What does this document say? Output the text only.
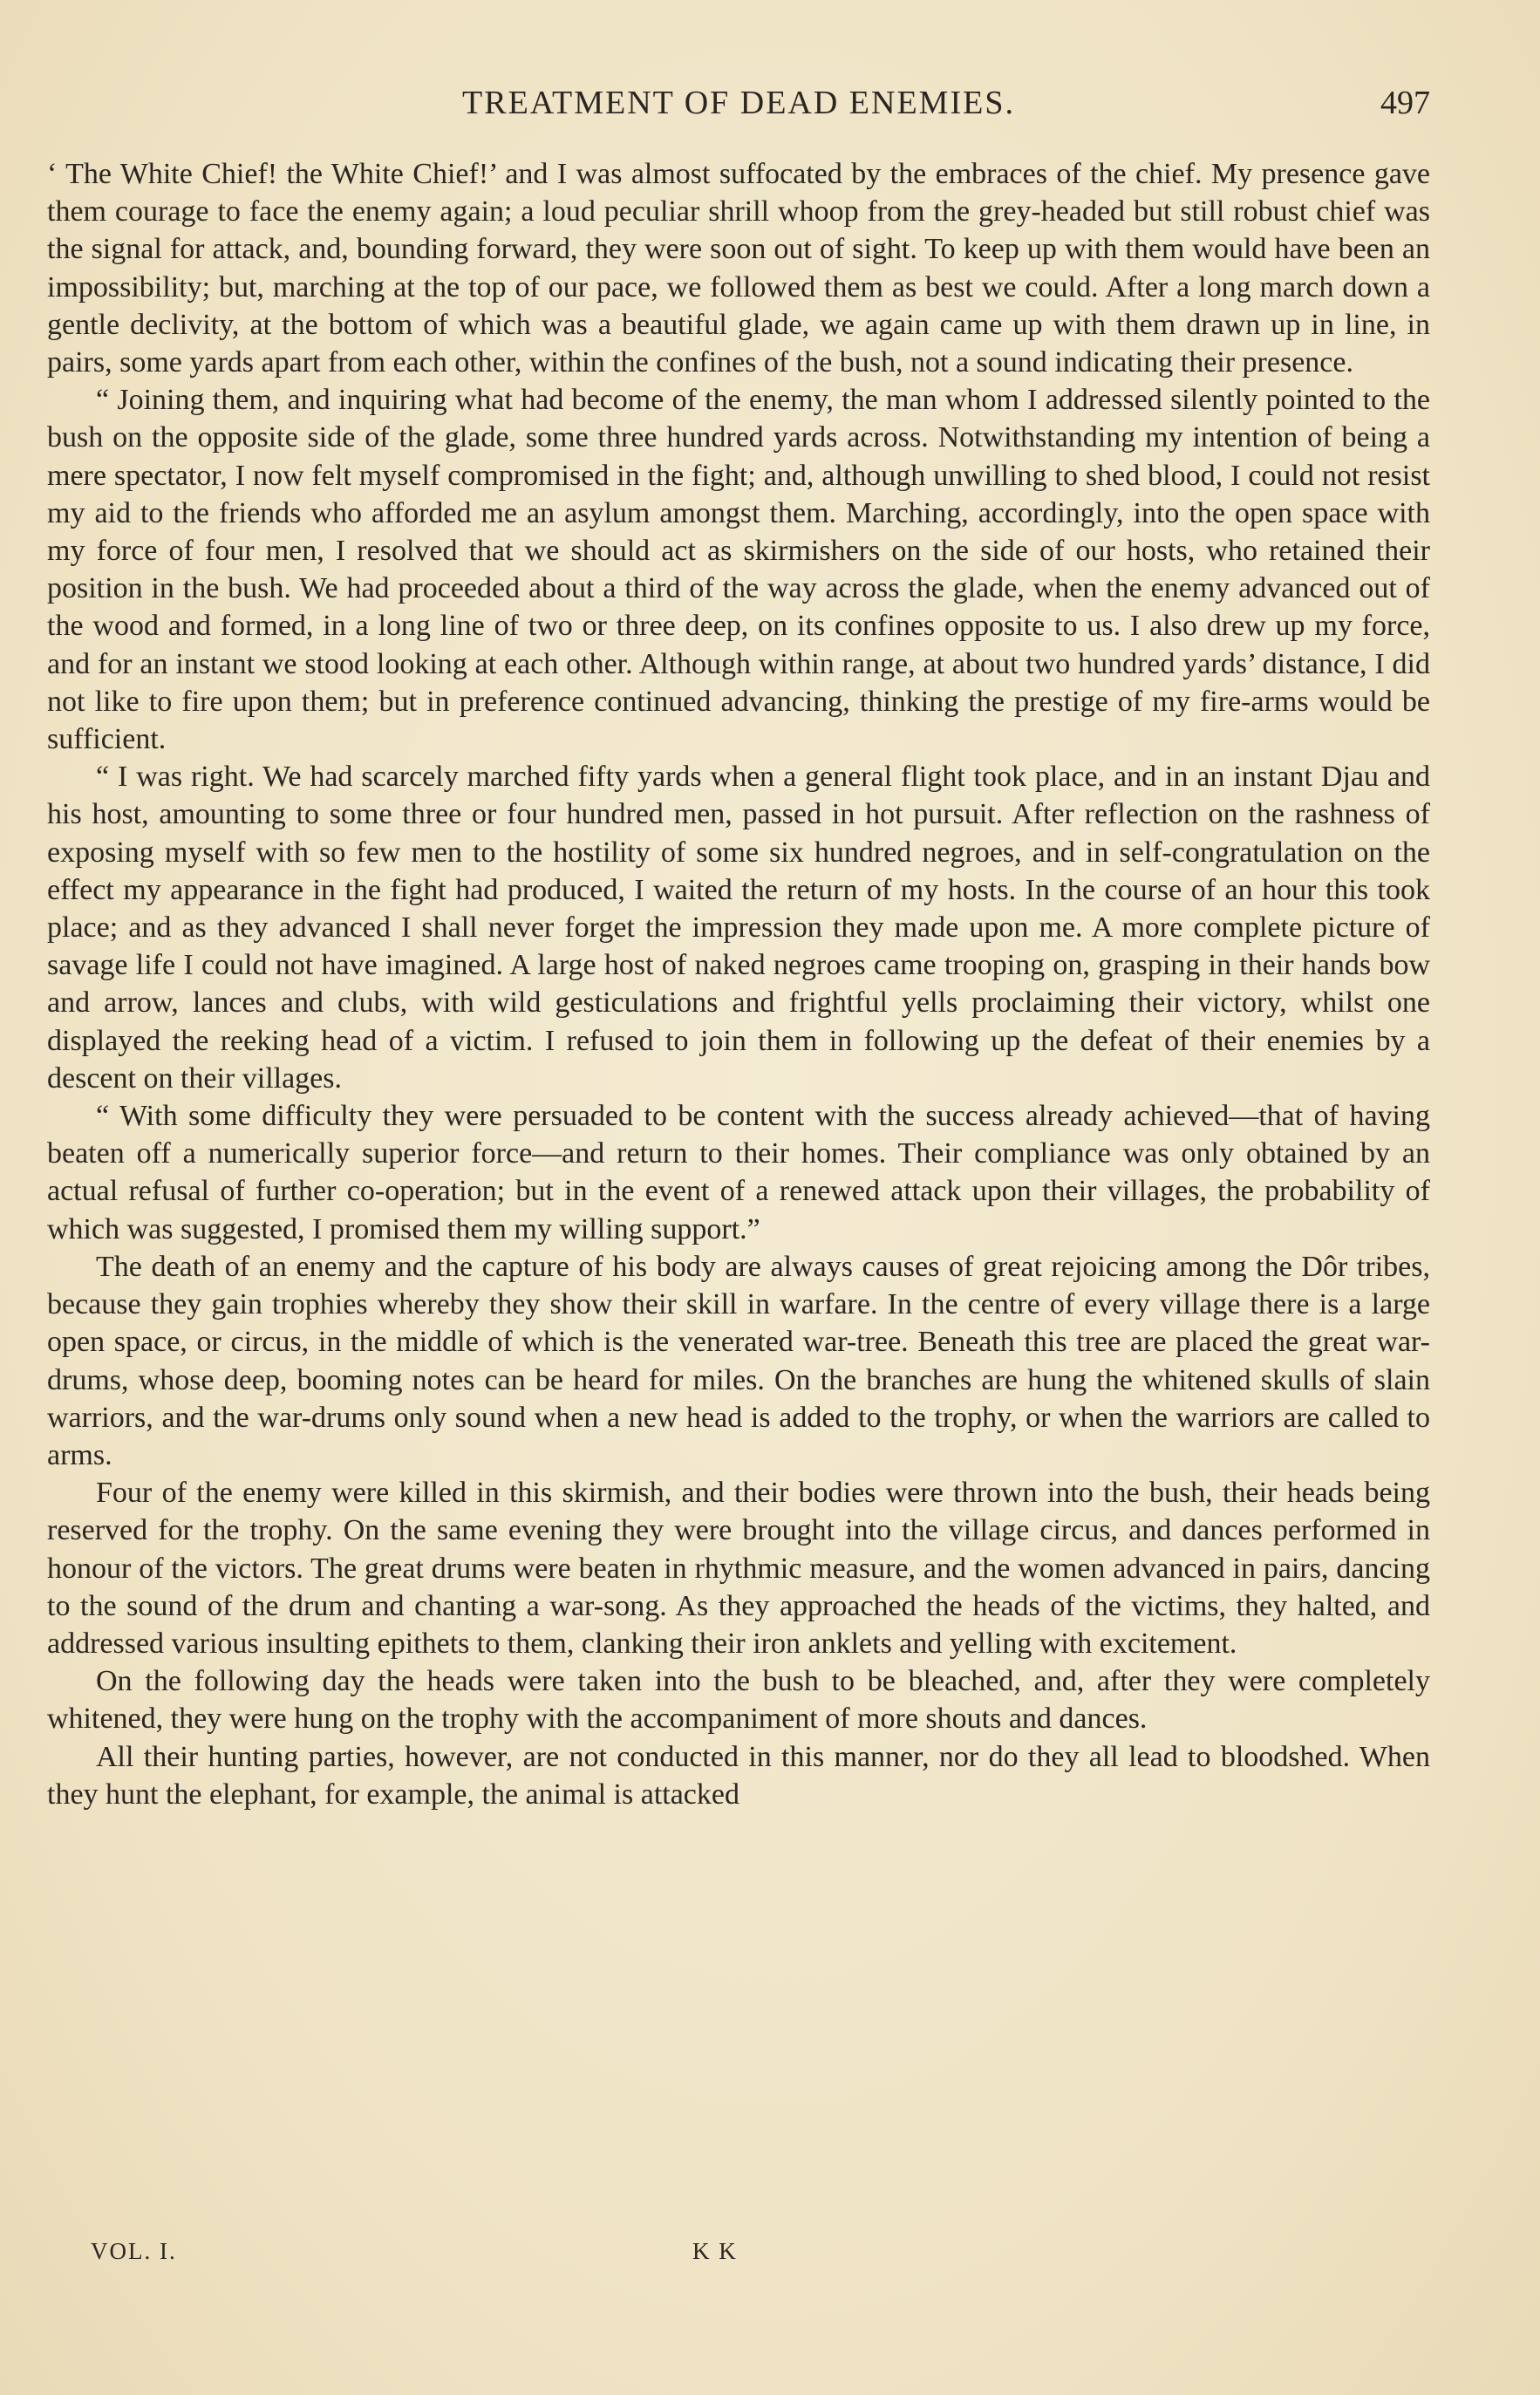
TREATMENT OF DEAD ENEMIES.	497

‘ The White Chief! the White Chief!’ and I was almost suffocated by the embraces of the chief. My presence gave them courage to face the enemy again; a loud peculiar shrill whoop from the grey-headed but still robust chief was the signal for attack, and, bounding forward, they were soon out of sight. To keep up with them would have been an impossibility; but, marching at the top of our pace, we followed them as best we could. After a long march down a gentle declivity, at the bottom of which was a beautiful glade, we again came up with them drawn up in line, in pairs, some yards apart from each other, within the confines of the bush, not a sound indicating their presence.

“ Joining them, and inquiring what had become of the enemy, the man whom I addressed silently pointed to the bush on the opposite side of the glade, some three hundred yards across. Notwithstanding my intention of being a mere spectator, I now felt myself compromised in the fight; and, although unwilling to shed blood, I could not resist my aid to the friends who afforded me an asylum amongst them. Marching, accordingly, into the open space with my force of four men, I resolved that we should act as skirmishers on the side of our hosts, who retained their position in the bush. We had proceeded about a third of the way across the glade, when the enemy advanced out of the wood and formed, in a long line of two or three deep, on its confines opposite to us. I also drew up my force, and for an instant we stood looking at each other. Although within range, at about two hundred yards’ distance, I did not like to fire upon them; but in preference continued advancing, thinking the prestige of my fire-arms would be sufficient.

“ I was right. We had scarcely marched fifty yards when a general flight took place, and in an instant Djau and his host, amounting to some three or four hundred men, passed in hot pursuit. After reflection on the rashness of exposing myself with so few men to the hostility of some six hundred negroes, and in self-congratulation on the effect my appearance in the fight had produced, I waited the return of my hosts. In the course of an hour this took place; and as they advanced I shall never forget the impression they made upon me. A more complete picture of savage life I could not have imagined. A large host of naked negroes came trooping on, grasping in their hands bow and arrow, lances and clubs, with wild gesticulations and frightful yells proclaiming their victory, whilst one displayed the reeking head of a victim. I refused to join them in following up the defeat of their enemies by a descent on their villages.

“ With some difficulty they were persuaded to be content with the success already achieved—that of having beaten off a numerically superior force—and return to their homes. Their compliance was only obtained by an actual refusal of further co-operation; but in the event of a renewed attack upon their villages, the probability of which was suggested, I promised them my willing support.”

The death of an enemy and the capture of his body are always causes of great rejoicing among the Dôr tribes, because they gain trophies whereby they show their skill in warfare. In the centre of every village there is a large open space, or circus, in the middle of which is the venerated war-tree. Beneath this tree are placed the great war-drums, whose deep, booming notes can be heard for miles. On the branches are hung the whitened skulls of slain warriors, and the war-drums only sound when a new head is added to the trophy, or when the warriors are called to arms.

Four of the enemy were killed in this skirmish, and their bodies were thrown into the bush, their heads being reserved for the trophy. On the same evening they were brought into the village circus, and dances performed in honour of the victors. The great drums were beaten in rhythmic measure, and the women advanced in pairs, dancing to the sound of the drum and chanting a war-song. As they approached the heads of the victims, they halted, and addressed various insulting epithets to them, clanking their iron anklets and yelling with excitement.

On the following day the heads were taken into the bush to be bleached, and, after they were completely whitened, they were hung on the trophy with the accompaniment of more shouts and dances.

All their hunting parties, however, are not conducted in this manner, nor do they all lead to bloodshed. When they hunt the elephant, for example, the animal is attacked

VOL. I.	K K
